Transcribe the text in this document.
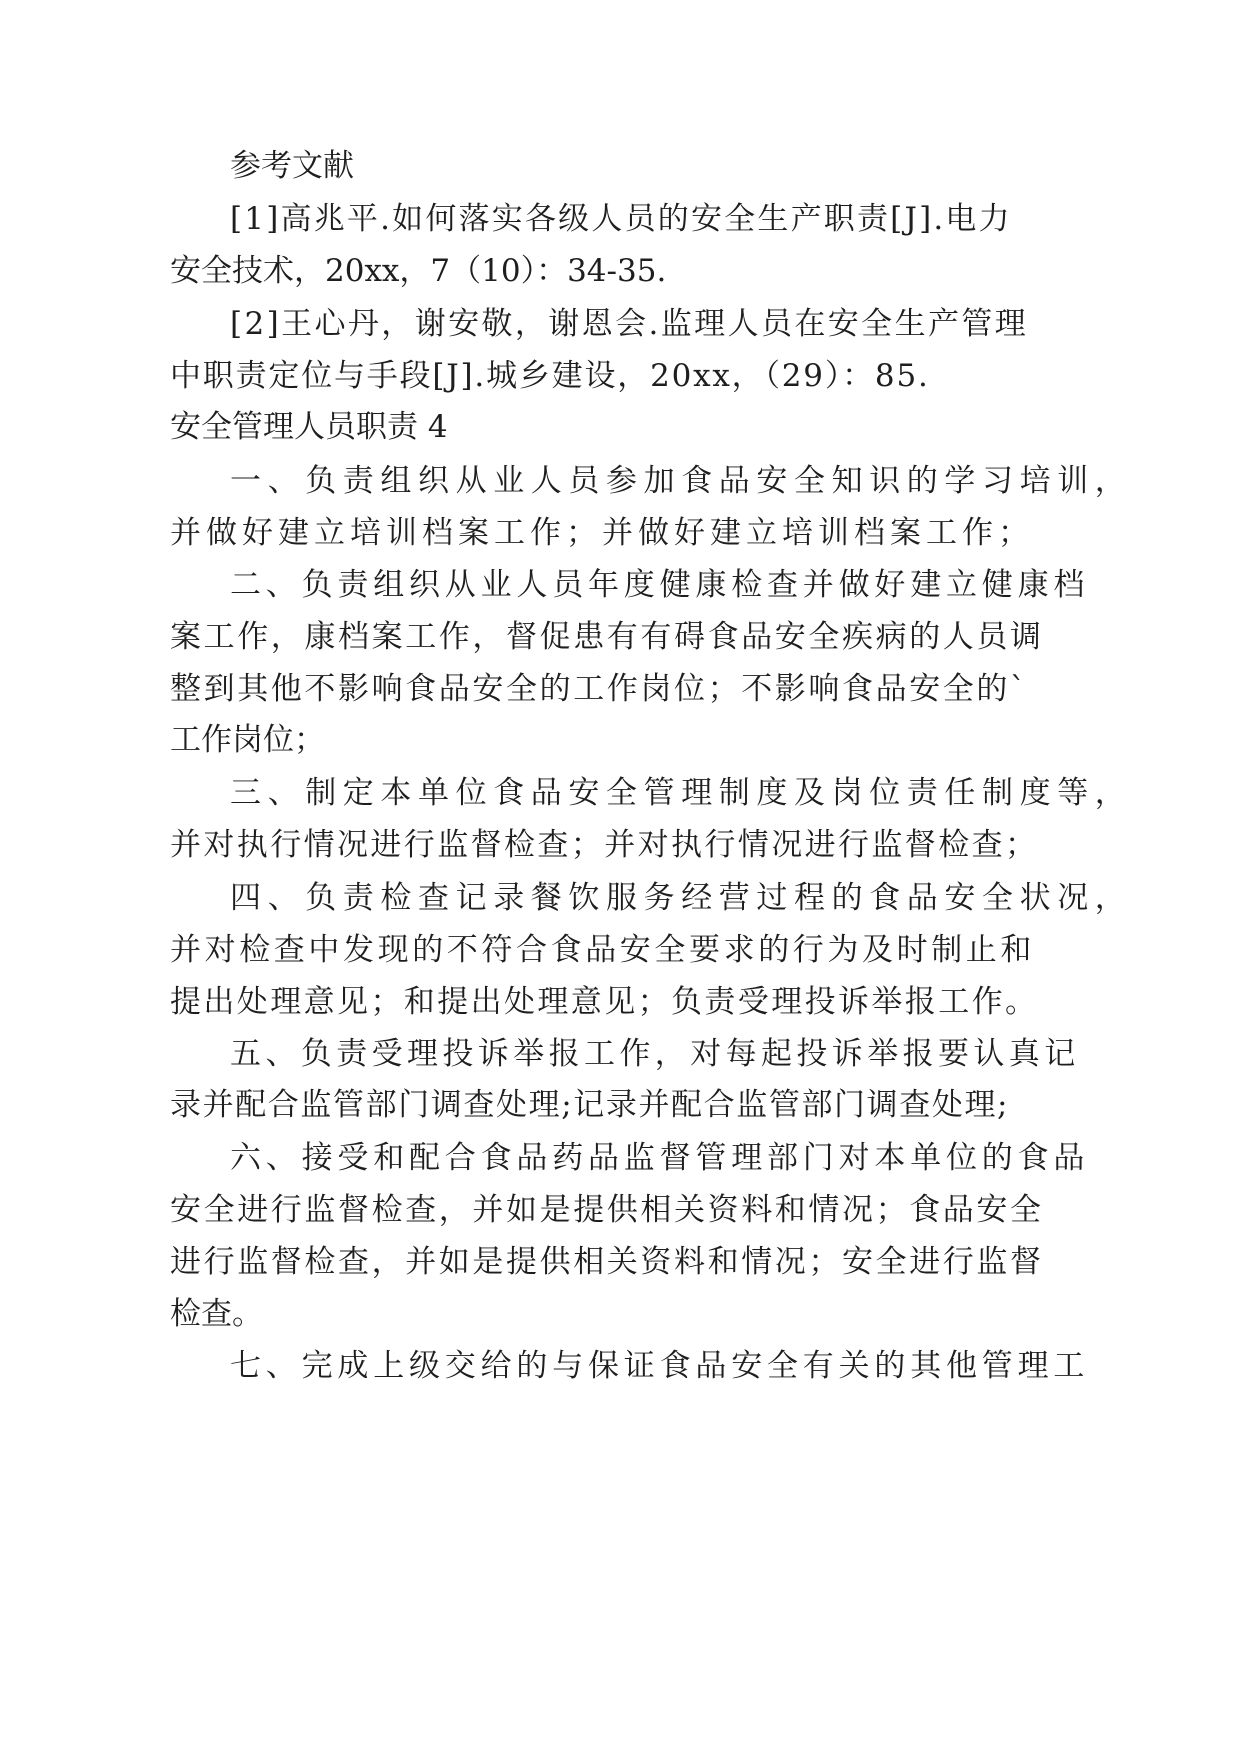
参考文献
[1]高兆平.如何落实各级人员的安全生产职责[J].电力
安全技术，20xx，7（10）：34-35.
[2]王心丹，谢安敬，谢恩会.监理人员在安全生产管理
中职责定位与手段[J].城乡建设，20xx，（29）：85.
安全管理人员职责 4
一、负责组织从业人员参加食品安全知识的学习培训，
并做好建立培训档案工作；并做好建立培训档案工作；
二、负责组织从业人员年度健康检查并做好建立健康档
案工作，康档案工作，督促患有有碍食品安全疾病的人员调
整到其他不影响食品安全的工作岗位；不影响食品安全的`
工作岗位；
三、制定本单位食品安全管理制度及岗位责任制度等，
并对执行情况进行监督检查；并对执行情况进行监督检查；
四、负责检查记录餐饮服务经营过程的食品安全状况，
并对检查中发现的不符合食品安全要求的行为及时制止和
提出处理意见；和提出处理意见；负责受理投诉举报工作。
五、负责受理投诉举报工作，对每起投诉举报要认真记
录并配合监管部门调查处理;记录并配合监管部门调查处理;
六、接受和配合食品药品监督管理部门对本单位的食品
安全进行监督检查，并如是提供相关资料和情况；食品安全
进行监督检查，并如是提供相关资料和情况；安全进行监督
检查。
七、完成上级交给的与保证食品安全有关的其他管理工
